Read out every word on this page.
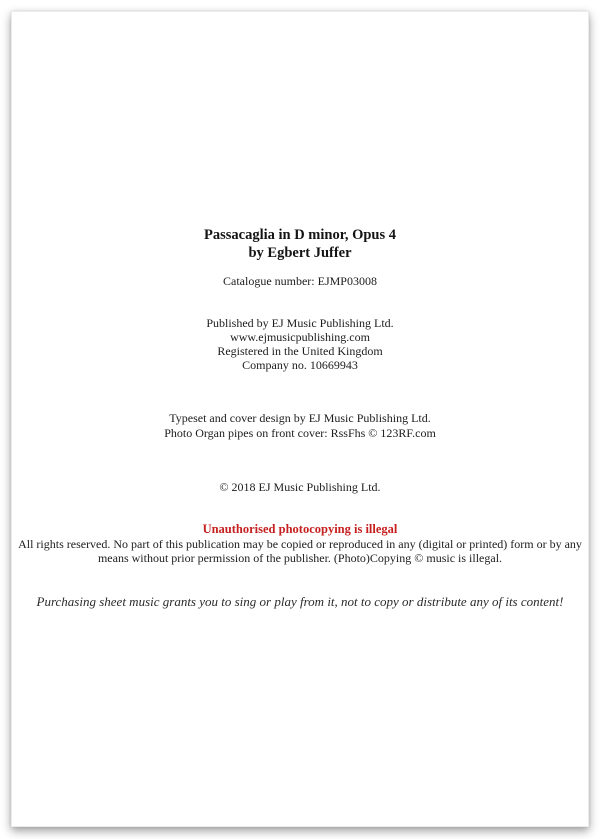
Passacaglia in D minor, Opus 4
by Egbert Juffer
Catalogue number: EJMP03008
Published by EJ Music Publishing Ltd.
www.ejmusicpublishing.com
Registered in the United Kingdom
Company no. 10669943
Typeset and cover design by EJ Music Publishing Ltd.
Photo Organ pipes on front cover: RssFhs © 123RF.com
© 2018 EJ Music Publishing Ltd.
Unauthorised photocopying is illegal
All rights reserved. No part of this publication may be copied or reproduced in any (digital or printed) form or by any means without prior permission of the publisher. (Photo)Copying © music is illegal.
Purchasing sheet music grants you to sing or play from it, not to copy or distribute any of its content!
